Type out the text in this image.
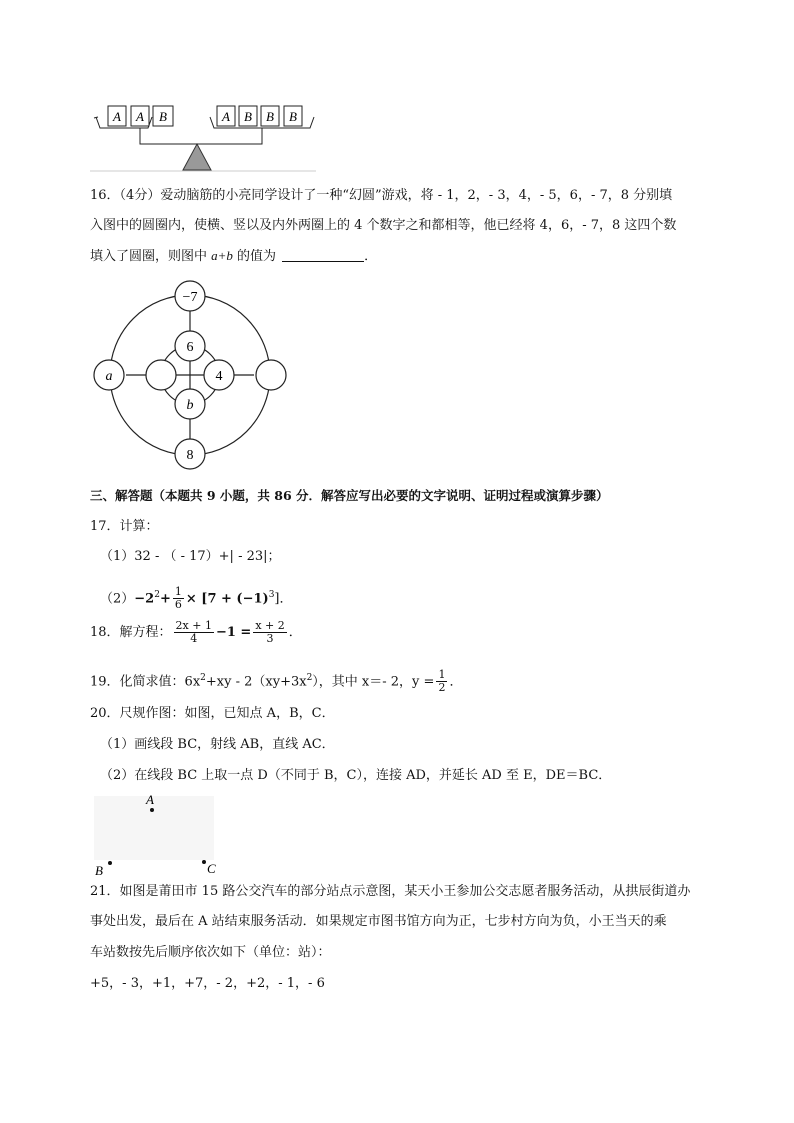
A A B	A B B B
16．（4分）爱动脑筋的小亮同学设计了一种“幻圆”游戏，将 - 1，2，- 3，4，- 5，6，- 7，8 分别填
入图中的圆圈内，使横、竖以及内外两圈上的 4 个数字之和都相等，他已经将 4，6，- 7，8 这四个数
填入了圆圈，则图中 a+b 的值为	．
−7
6
4
b
a
8
三、解答题（本题共 9 小题，共 86 分．解答应写出必要的文字说明、证明过程或演算步骤）
17．计算：
（1）32 - （ - 17）+| - 23|；
$(2)-2^2+ \frac{1}{6} \times [7 + (-1)^3]$．
18．解方程： $\frac{2x + 1}{4} -1 = \frac{x + 2}{3}$ ．
19．化简求值：$6x^2+xy - 2(xy+3x^2)$，其中 x＝- 2，$y = \frac{1}{2}$ ．
20．尺规作图：如图，已知点 A，B，C．
（1）画线段 BC，射线 AB，直线 AC．
（2）在线段 BC 上取一点 D（不同于 B，C），连接 AD，并延长 AD 至 E，DE＝BC．
A
B	C
21．如图是莆田市 15 路公交汽车的部分站点示意图，某天小王参加公交志愿者服务活动，从拱辰街道办
事处出发，最后在 A 站结束服务活动．如果规定市图书馆方向为正，七步村方向为负，小王当天的乘
车站数按先后顺序依次如下（单位：站）：
+5，- 3，+1，+7，- 2，+2，- 1，- 6
